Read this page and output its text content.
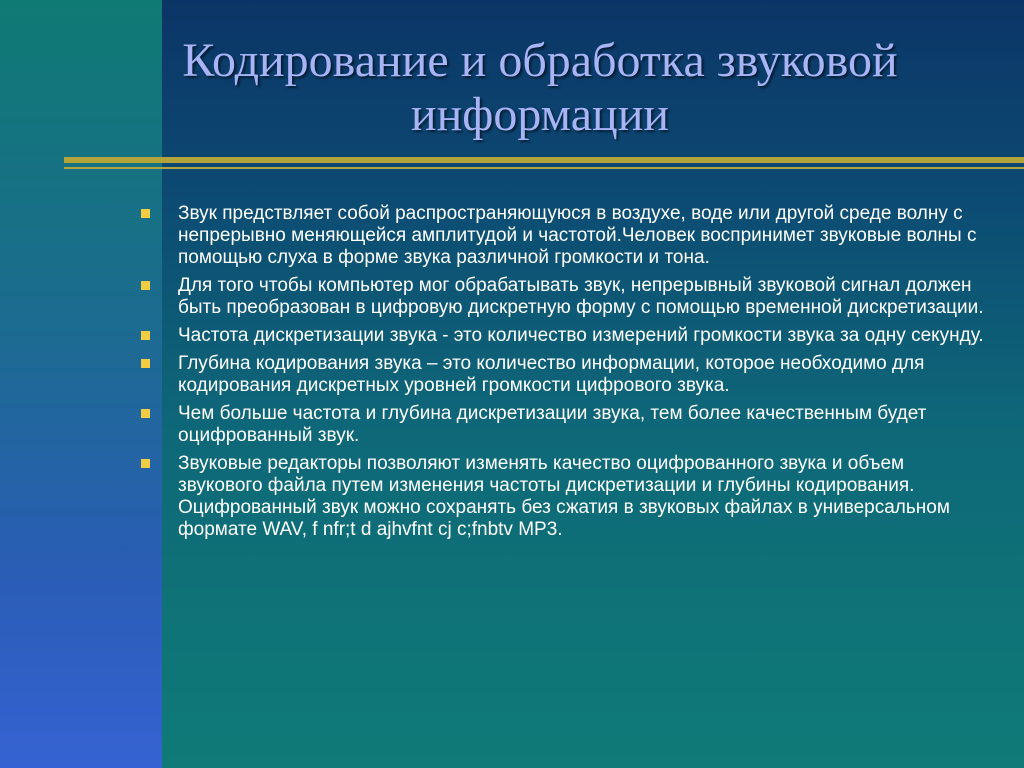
Кодирование и обработка звуковой информации
Звук предствляет собой распространяющуюся в воздухе, воде или другой среде волну с непрерывно меняющейся амплитудой и частотой.Человек воспринимет звуковые волны с помощью слуха в форме звука различной громкости и тона.
Для того чтобы компьютер мог обрабатывать звук, непрерывный звуковой сигнал должен быть преобразован в цифровую дискретную форму с помощью временной дискретизации.
Частота дискретизации звука - это количество измерений громкости звука за одну секунду.
Глубина кодирования звука – это количество информации, которое необходимо для кодирования дискретных уровней громкости цифрового звука.
Чем больше частота и глубина дискретизации звука, тем более качественным будет оцифрованный звук.
Звуковые редакторы позволяют изменять качество оцифрованного звука и объем звукового файла путем изменения частоты дискретизации и глубины кодирования. Оцифрованный звук можно сохранять без сжатия в звуковых файлах в универсальном формате WAV, f nfr;t d ajhvfnt cj c;fnbtv MP3.
